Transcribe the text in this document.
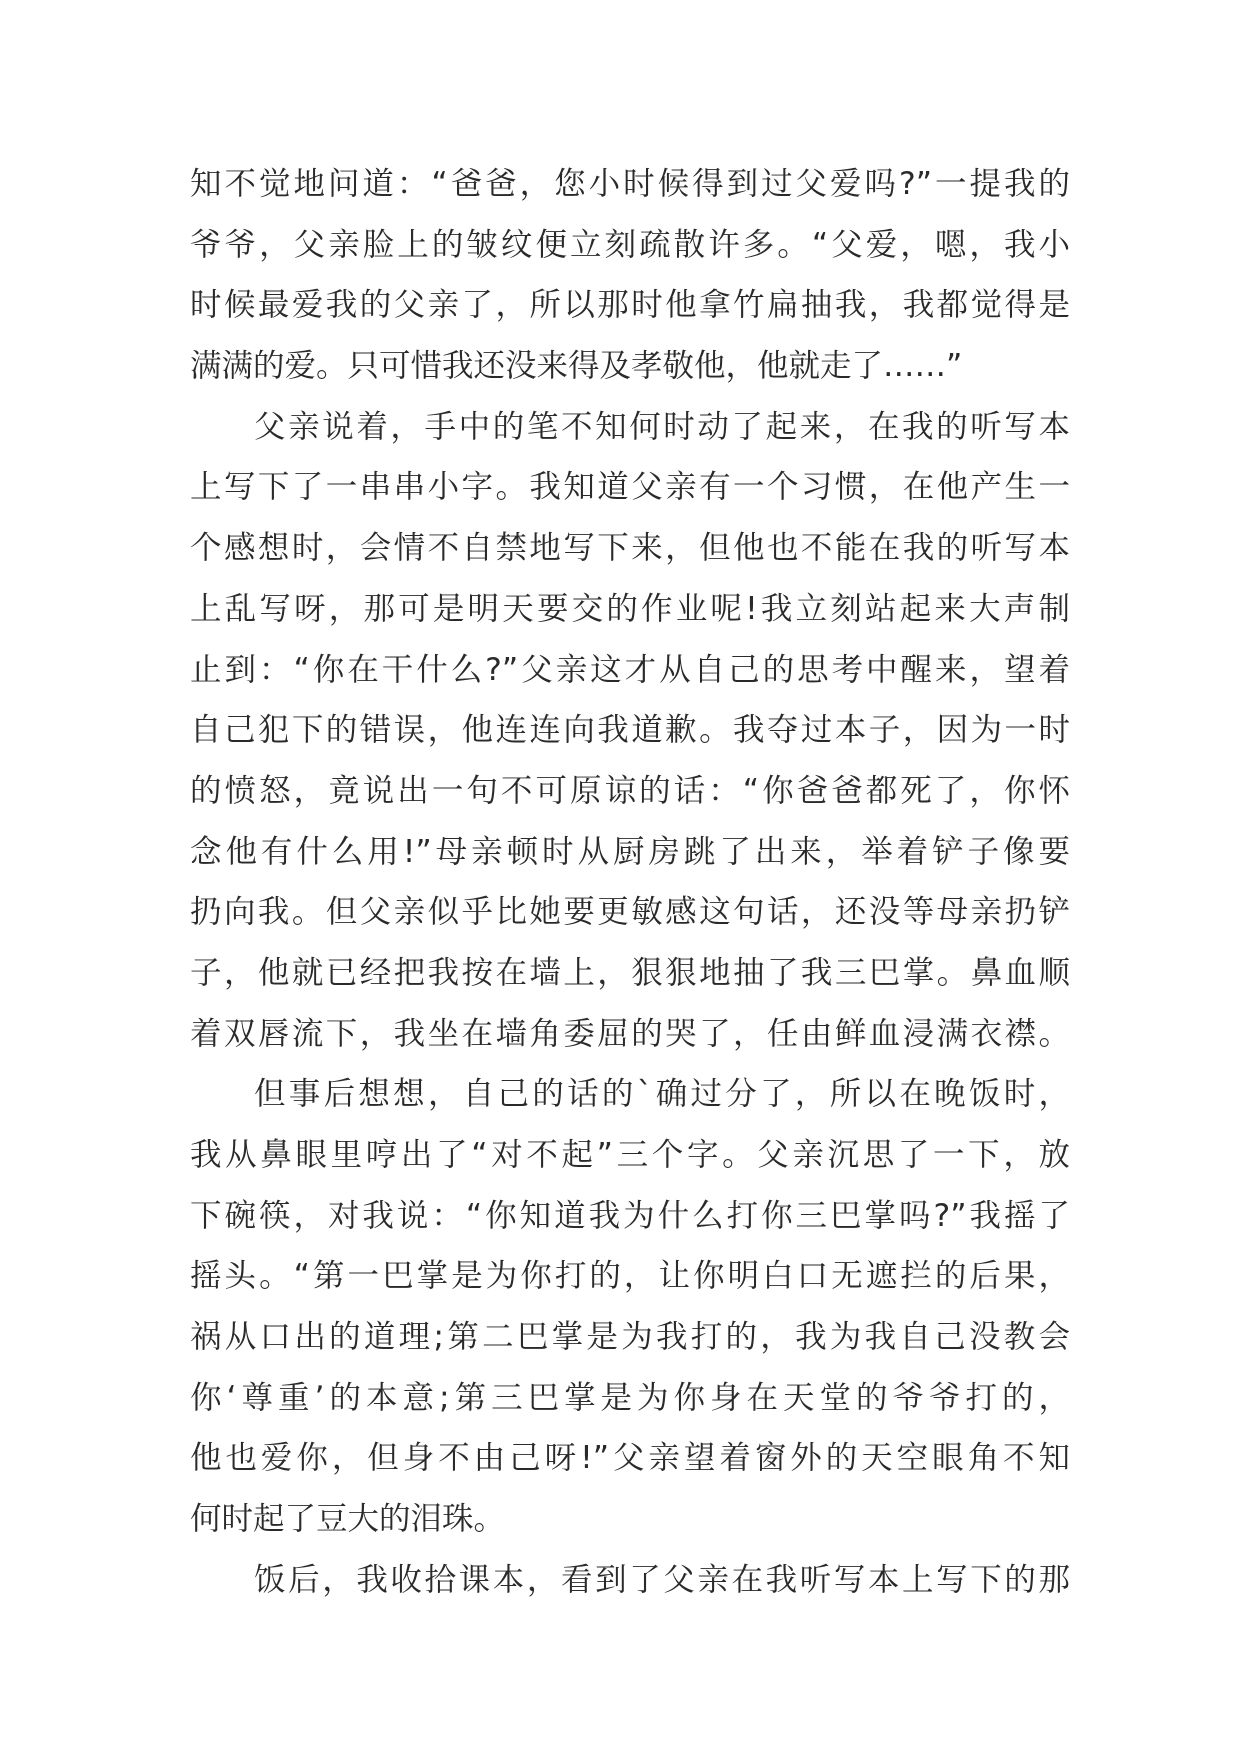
知不觉地问道：“爸爸，您小时候得到过父爱吗?”一提我的
爷爷，父亲脸上的皱纹便立刻疏散许多。“父爱，嗯，我小
时候最爱我的父亲了，所以那时他拿竹扁抽我，我都觉得是
满满的爱。只可惜我还没来得及孝敬他，他就走了……”
父亲说着，手中的笔不知何时动了起来，在我的听写本
上写下了一串串小字。我知道父亲有一个习惯，在他产生一
个感想时，会情不自禁地写下来，但他也不能在我的听写本
上乱写呀，那可是明天要交的作业呢!我立刻站起来大声制
止到：“你在干什么?”父亲这才从自己的思考中醒来，望着
自己犯下的错误，他连连向我道歉。我夺过本子，因为一时
的愤怒，竟说出一句不可原谅的话：“你爸爸都死了，你怀
念他有什么用!”母亲顿时从厨房跳了出来，举着铲子像要
扔向我。但父亲似乎比她要更敏感这句话，还没等母亲扔铲
子，他就已经把我按在墙上，狠狠地抽了我三巴掌。鼻血顺
着双唇流下，我坐在墙角委屈的哭了，任由鲜血浸满衣襟。
但事后想想，自己的话的`确过分了，所以在晚饭时，
我从鼻眼里哼出了“对不起”三个字。父亲沉思了一下，放
下碗筷，对我说：“你知道我为什么打你三巴掌吗?”我摇了
摇头。“第一巴掌是为你打的，让你明白口无遮拦的后果，
祸从口出的道理;第二巴掌是为我打的，我为我自己没教会
你‘尊重’的本意;第三巴掌是为你身在天堂的爷爷打的，
他也爱你，但身不由己呀!”父亲望着窗外的天空眼角不知
何时起了豆大的泪珠。
饭后，我收拾课本，看到了父亲在我听写本上写下的那
